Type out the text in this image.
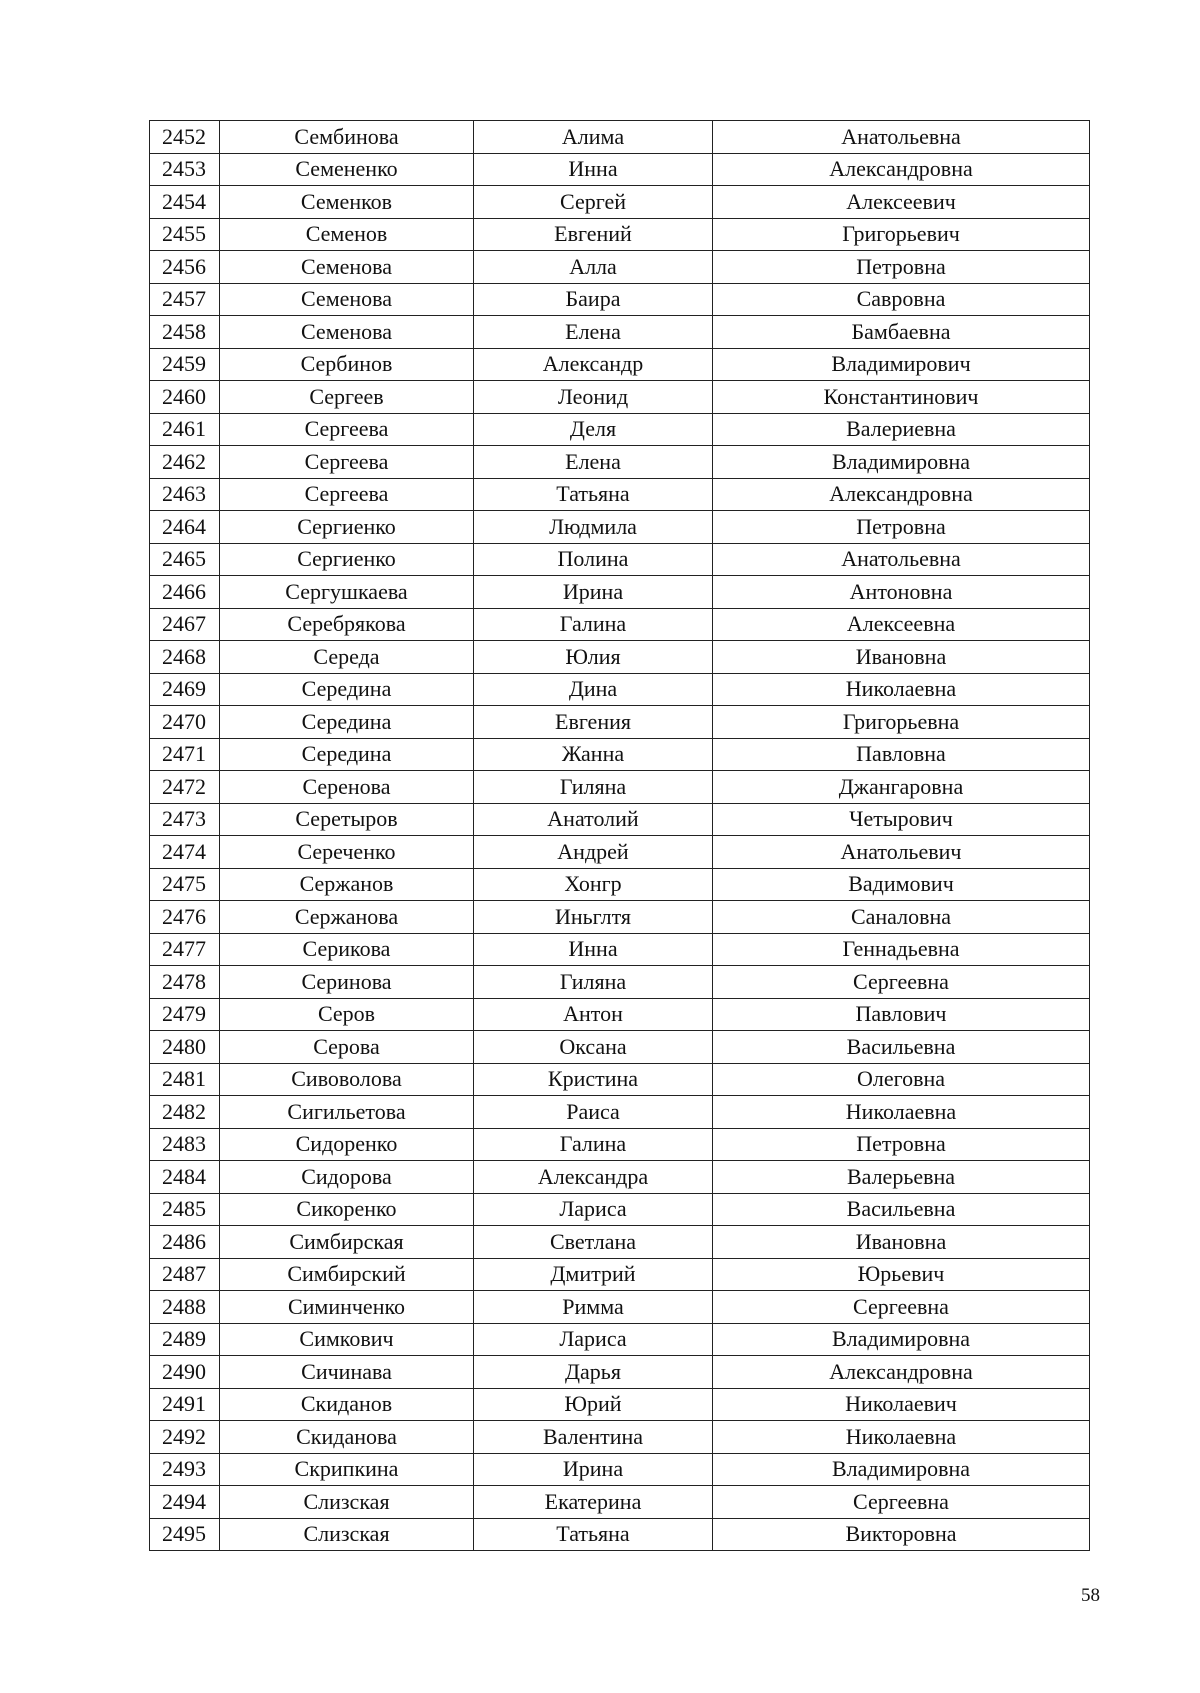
2452	Сембинова	Алима	Анатольевна
2453	Семененко	Инна	Александровна
2454	Семенков	Сергей	Алексеевич
2455	Семенов	Евгений	Григорьевич
2456	Семенова	Алла	Петровна
2457	Семенова	Баира	Савровна
2458	Семенова	Елена	Бамбаевна
2459	Сербинов	Александр	Владимирович
2460	Сергеев	Леонид	Константинович
2461	Сергеева	Деля	Валериевна
2462	Сергеева	Елена	Владимировна
2463	Сергеева	Татьяна	Александровна
2464	Сергиенко	Людмила	Петровна
2465	Сергиенко	Полина	Анатольевна
2466	Сергушкаева	Ирина	Антоновна
2467	Серебрякова	Галина	Алексеевна
2468	Середа	Юлия	Ивановна
2469	Середина	Дина	Николаевна
2470	Середина	Евгения	Григорьевна
2471	Середина	Жанна	Павловна
2472	Серенова	Гиляна	Джангаровна
2473	Серетыров	Анатолий	Четырович
2474	Сереченко	Андрей	Анатольевич
2475	Сержанов	Хонгр	Вадимович
2476	Сержанова	Иньглтя	Саналовна
2477	Серикова	Инна	Геннадьевна
2478	Серинова	Гиляна	Сергеевна
2479	Серов	Антон	Павлович
2480	Серова	Оксана	Васильевна
2481	Сивоволова	Кристина	Олеговна
2482	Сигильетова	Раиса	Николаевна
2483	Сидоренко	Галина	Петровна
2484	Сидорова	Александра	Валерьевна
2485	Сикоренко	Лариса	Васильевна
2486	Симбирская	Светлана	Ивановна
2487	Симбирский	Дмитрий	Юрьевич
2488	Симинченко	Римма	Сергеевна
2489	Симкович	Лариса	Владимировна
2490	Сичинава	Дарья	Александровна
2491	Скиданов	Юрий	Николаевич
2492	Скиданова	Валентина	Николаевна
2493	Скрипкина	Ирина	Владимировна
2494	Слизская	Екатерина	Сергеевна
2495	Слизская	Татьяна	Викторовна
58
